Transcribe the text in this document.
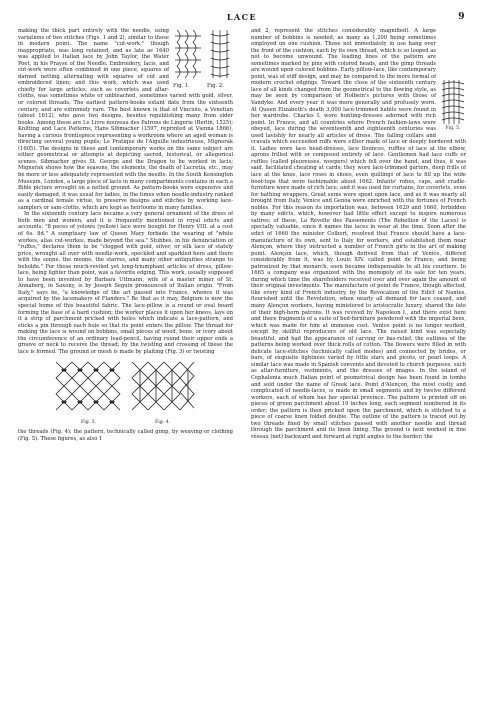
LACE	9
Fig. 1.	Fig. 2.

making the thick part entirely with the needle, using variations of two stitches (Figs. 1 and 2), similar to those in modern point. The name "cut-work," though inappropriate, was long retained, and as late as 1640 was applied to Italian lace by John Taylor, the Water Poet, in his Prayse of the Needle. Embroidery, lacis, and cut-work were often combined in one piece, squares of darned netting alternating with squares of cut and embroidered linen; and this work, which was used chiefly for large articles, such as coverlets and altar-cloths, was sometimes white or unbleached, sometimes varied with gold, silver, or colored threads. The earliest pattern-books extant date from the sixteenth century, and are extremely rare. The best known is that of Vinciolo, a Venetian (about 1612), who gave two designs, besides republishing many from older books. Among these are Le Livre nouveau des Patrons de Lingerie (Berlin, 1525); Knitting and Lace Patterns, Hans Sibmacher (1597, reprinted at Vienna 1866), having a curious frontispiece representing a workroom where an aged woman is directing several young pupils; Le Pratique de l'Aiguille industrieuse, Mignerak (1605). The designs in these and contemporary works on the same subject are either geometrical or attempts at depicting sacred, historical, or allegorical scenes. Sibmacher gives St. George and the Dragon to be worked in lacis; Mignerak shows how the seasons, the elements, the death of Lucretia, etc., may be more or less adequately represented with the needle. In the South Kensington Museum, London, a large piece of lacis in many compartments contains in each a Bible picture wrought on a netted ground. As pattern-books were expensive and easily damaged, it was usual for ladies, in the times when needle-industry ranked as a cardinal female virtue, to preserve designs and stitches by working lace-samplers or sam-cloths, which are kept as heirlooms in many families.

In the sixteenth century lace became a very general ornament of the dress of both men and women, and it is frequently mentioned in royal edicts and accounts: "8 peces of yolowe (yellow) lace were bought for Henry VIII. at a cost of 6s. 8d." A sumptuary law of Queen Mary forbade the wearing of "white workes, alias cut-workes, made beyond the sea." Stubbes, in his denunciation of "ruffes," declares them to be "clogged with gold, silver, or silk lace of stately price, wrought all over with needle-work, speckled and sparkled here and there with the sonne, the moone, the starres, and many other antiquities strange to beholde." For those much-reviled yet long-triumphant articles of dress, pillow-lace, being lighter than point, was a favorite edging. This work, usually supposed to have been invented by Barbara Uttmann, wife of a master miner of St. Annaberg, in Saxony, is by Joseph Seguin pronounced of Italian origin. "From Italy," says he, "a knowledge of the art passed into France, whence it was acquired by the lacemakers of Flanders." Be that as it may, Belgium is now the special home of this beautiful fabric. The lace-pillow is a round or oval board forming the base of a hard cushion; the worker places it upon her knees, lays on it a strip of parchment pricked with holes which indicate a lace-pattern, and sticks a pin through each hole so that its point enters the pillow. The thread for making the lace is wound on bobbins, small pieces of wood, bone, or ivory about the circumference of an ordinary lead-pencil, having round their upper ends a groove or neck to receive the thread; by the twisting and crossing of these the lace is formed. The ground or mesh is made by plaiting (Fig. 3) or twisting

Fig. 3.	Fig. 4.

the threads (Fig. 4); the pattern, technically called gimp, by weaving or clothing (Fig. 5). These figures, as also 1

Fig. 5.

and 2, represent the stitches considerably magnified). A large number of bobbins is needed, as many as 1,200 being sometimes employed on one cushion. Those not immediately in use hang over the front of the cushion, each by its own thread, which is so looped as not to become unwound. The leading lines of the pattern are sometimes marked by pins with colored heads, and the gimp threads are wound upon colored bobbins. Early pillow-lace, like contemporary point, was of stiff design, and may be compared to the more formal of modern crochet edgings. Toward the close of the sixteenth century lace of all kinds changed from the geometrical to the flowing style, as may be seen by comparison of Holbein's pictures with those of Vandyke. And every year it was more generally and profusely worn. At Queen Elizabeth's death 3,000 lace-trimmed habits were found in her wardrobe. Charles I. wore hunting-dresses adorned with rich point. In France, and all countries where French fashion-laws were obeyed, lace during the seventeenth and eighteenth centuries was used lavishly for nearly all articles of dress. The falling collars and cravats which succeeded ruffs were either made of lace or deeply bordered with it. Ladies wore lace head-dresses, lace flounces, ruffles of lace at the elbow, aprons frilled with or composed entirely of lace. Gentlemen had lace cuffs or ruffles (called pleureuses, weepers) which fell over the hand, and thus, it was said, facilitated cheating at cards; they wore lace-trimmed garters, deep frills of lace at the knee, lace roses in shoes, even quillings of lace to fill up the wide boot-tops that were fashionable about 1662. Infants' robes, caps, and cradle-furniture were made of rich lace, and it was used for curtains, for coverlets, even for bathing wrappers. Great sums were spent upon lace, and as it was nearly all brought from Italy, Venice and Genoa were enriched with the fortunes of French nobles. For this reason its importation was, between 1629 and 1660, forbidden by many edicts, which, however had little effect except to inspire numerous satires; of these, La Révolte des Passements (The Rebellion of the Laces) is specially valuable, since it names the laces in wear at the time. Soon after the edict of 1660 the minister Colbert, resolved that France should have a lace-manufacture of its own, sent to Italy for workers, and established them near Alençon, where they instructed a number of French girls in the art of making point. Alençon lace, which, though derived from that of Venice, differed considerably from it, was by Louis XIV. called point de France, and being patronized by that monarch, soon became indispensable to all his courtiers. In 1665 a company was organized with the monopoly of its sale for ten years, during which time the shareholders received over and over again the amount of their original investments. The manufacture of point de France, though affected, like every kind of French industry, by the Revocation of the Edict of Nantes, flourished until the Revolution, when nearly all demand for lace ceased, and many Alençon workers, having ministered to aristocratic luxury, shared the fate of their high-born patrons. It was revived by Napoleon I., and there exist here and there fragments of a suite of bed-furniture powdered with the imperial bees, which was made for him at immense cost. Venice point is no longer worked, except by skillful reproducers of old lace. The raised kind was especially beautiful, and had the appearance of carving or bas-relief, the outlines of the patterns being worked over thick rolls of cotton. The flowers were filled in with delicate lace-stitches (technically called modes) and connected by brides, or bars, of exquisite lightness varied by little stars and picots, or pearl loops. A similar lace was made in Spanish convents and devoted to church purposes, such as altar-furniture, vestments, and the dresses of images. In the island of Cephalonia much Italian point of geometrical design has been found in tombs and sold under the name of Greek lace. Point d'Alençon, the most costly and complicated of needle-laces, is made in small segments and by twelve different workers, each of whom has her special province. The pattern is printed off on pieces of green parchment about 10 inches long, each segment numbered in its order; the pattern is then pricked upon the parchment, which is stitched to a piece of coarse linen folded double. The outline of the pattern is traced out by two threads fixed by small stitches passed with another needle and thread through the parchment and its linen lining. The ground is next worked in fine réseau (net) backward and forward at right angles to the border; the
